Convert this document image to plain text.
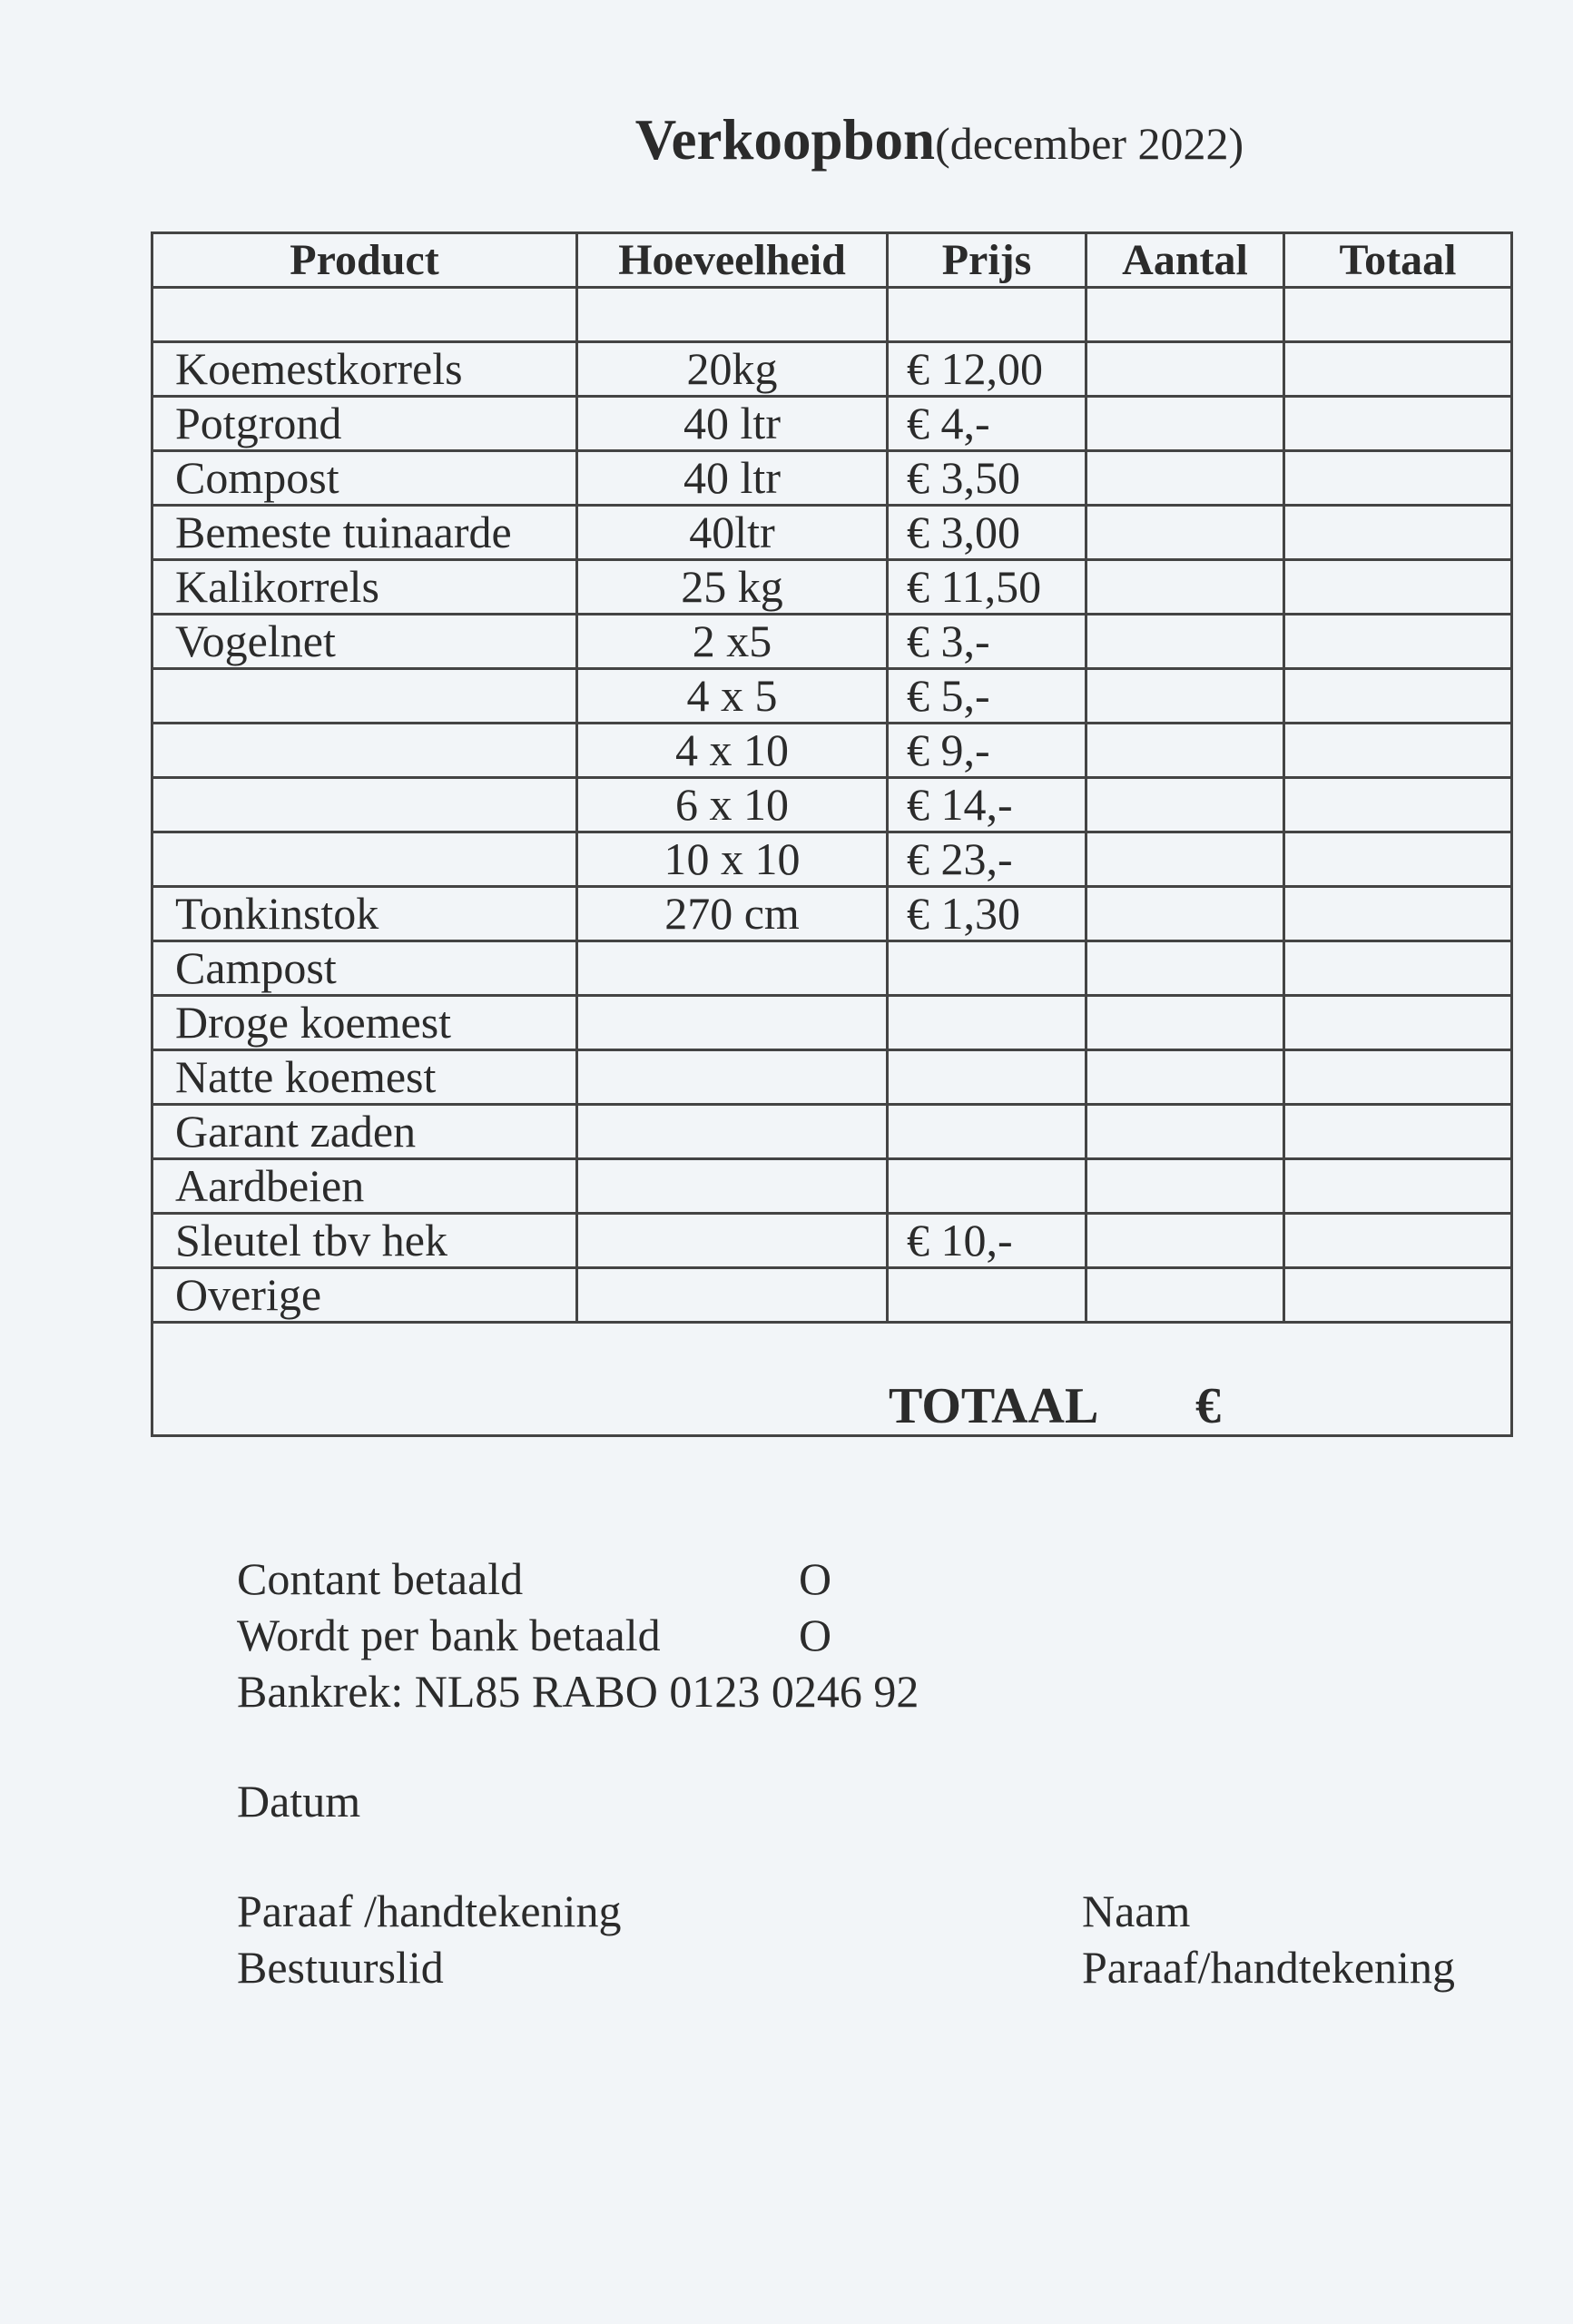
Verkoopbon(december 2022)
Product	Hoeveelheid	Prijs	Aantal	Totaal

Koemestkorrels	20kg	€ 12,00		
Potgrond	40 ltr	€ 4,-		
Compost	40 ltr	€ 3,50		
Bemeste tuinaarde	40ltr	€ 3,00		
Kalikorrels	25 kg	€ 11,50		
Vogelnet	2 x5	€ 3,-		
	4 x 5	€ 5,-		
	4 x 10	€ 9,-		
	6 x 10	€ 14,-		
	10 x 10	€ 23,-		
Tonkinstok	270 cm	€ 1,30		
Campost				
Droge koemest				
Natte koemest				
Garant zaden				
Aardbeien				
Sleutel tbv hek		€ 10,-		
Overige				

TOTAAL €				
Contant betaald	O
Wordt per bank betaald	O
Bankrek: NL85 RABO 0123 0246 92
Datum
Paraaf /handtekening
Bestuurslid
Naam
Paraaf/handtekening
